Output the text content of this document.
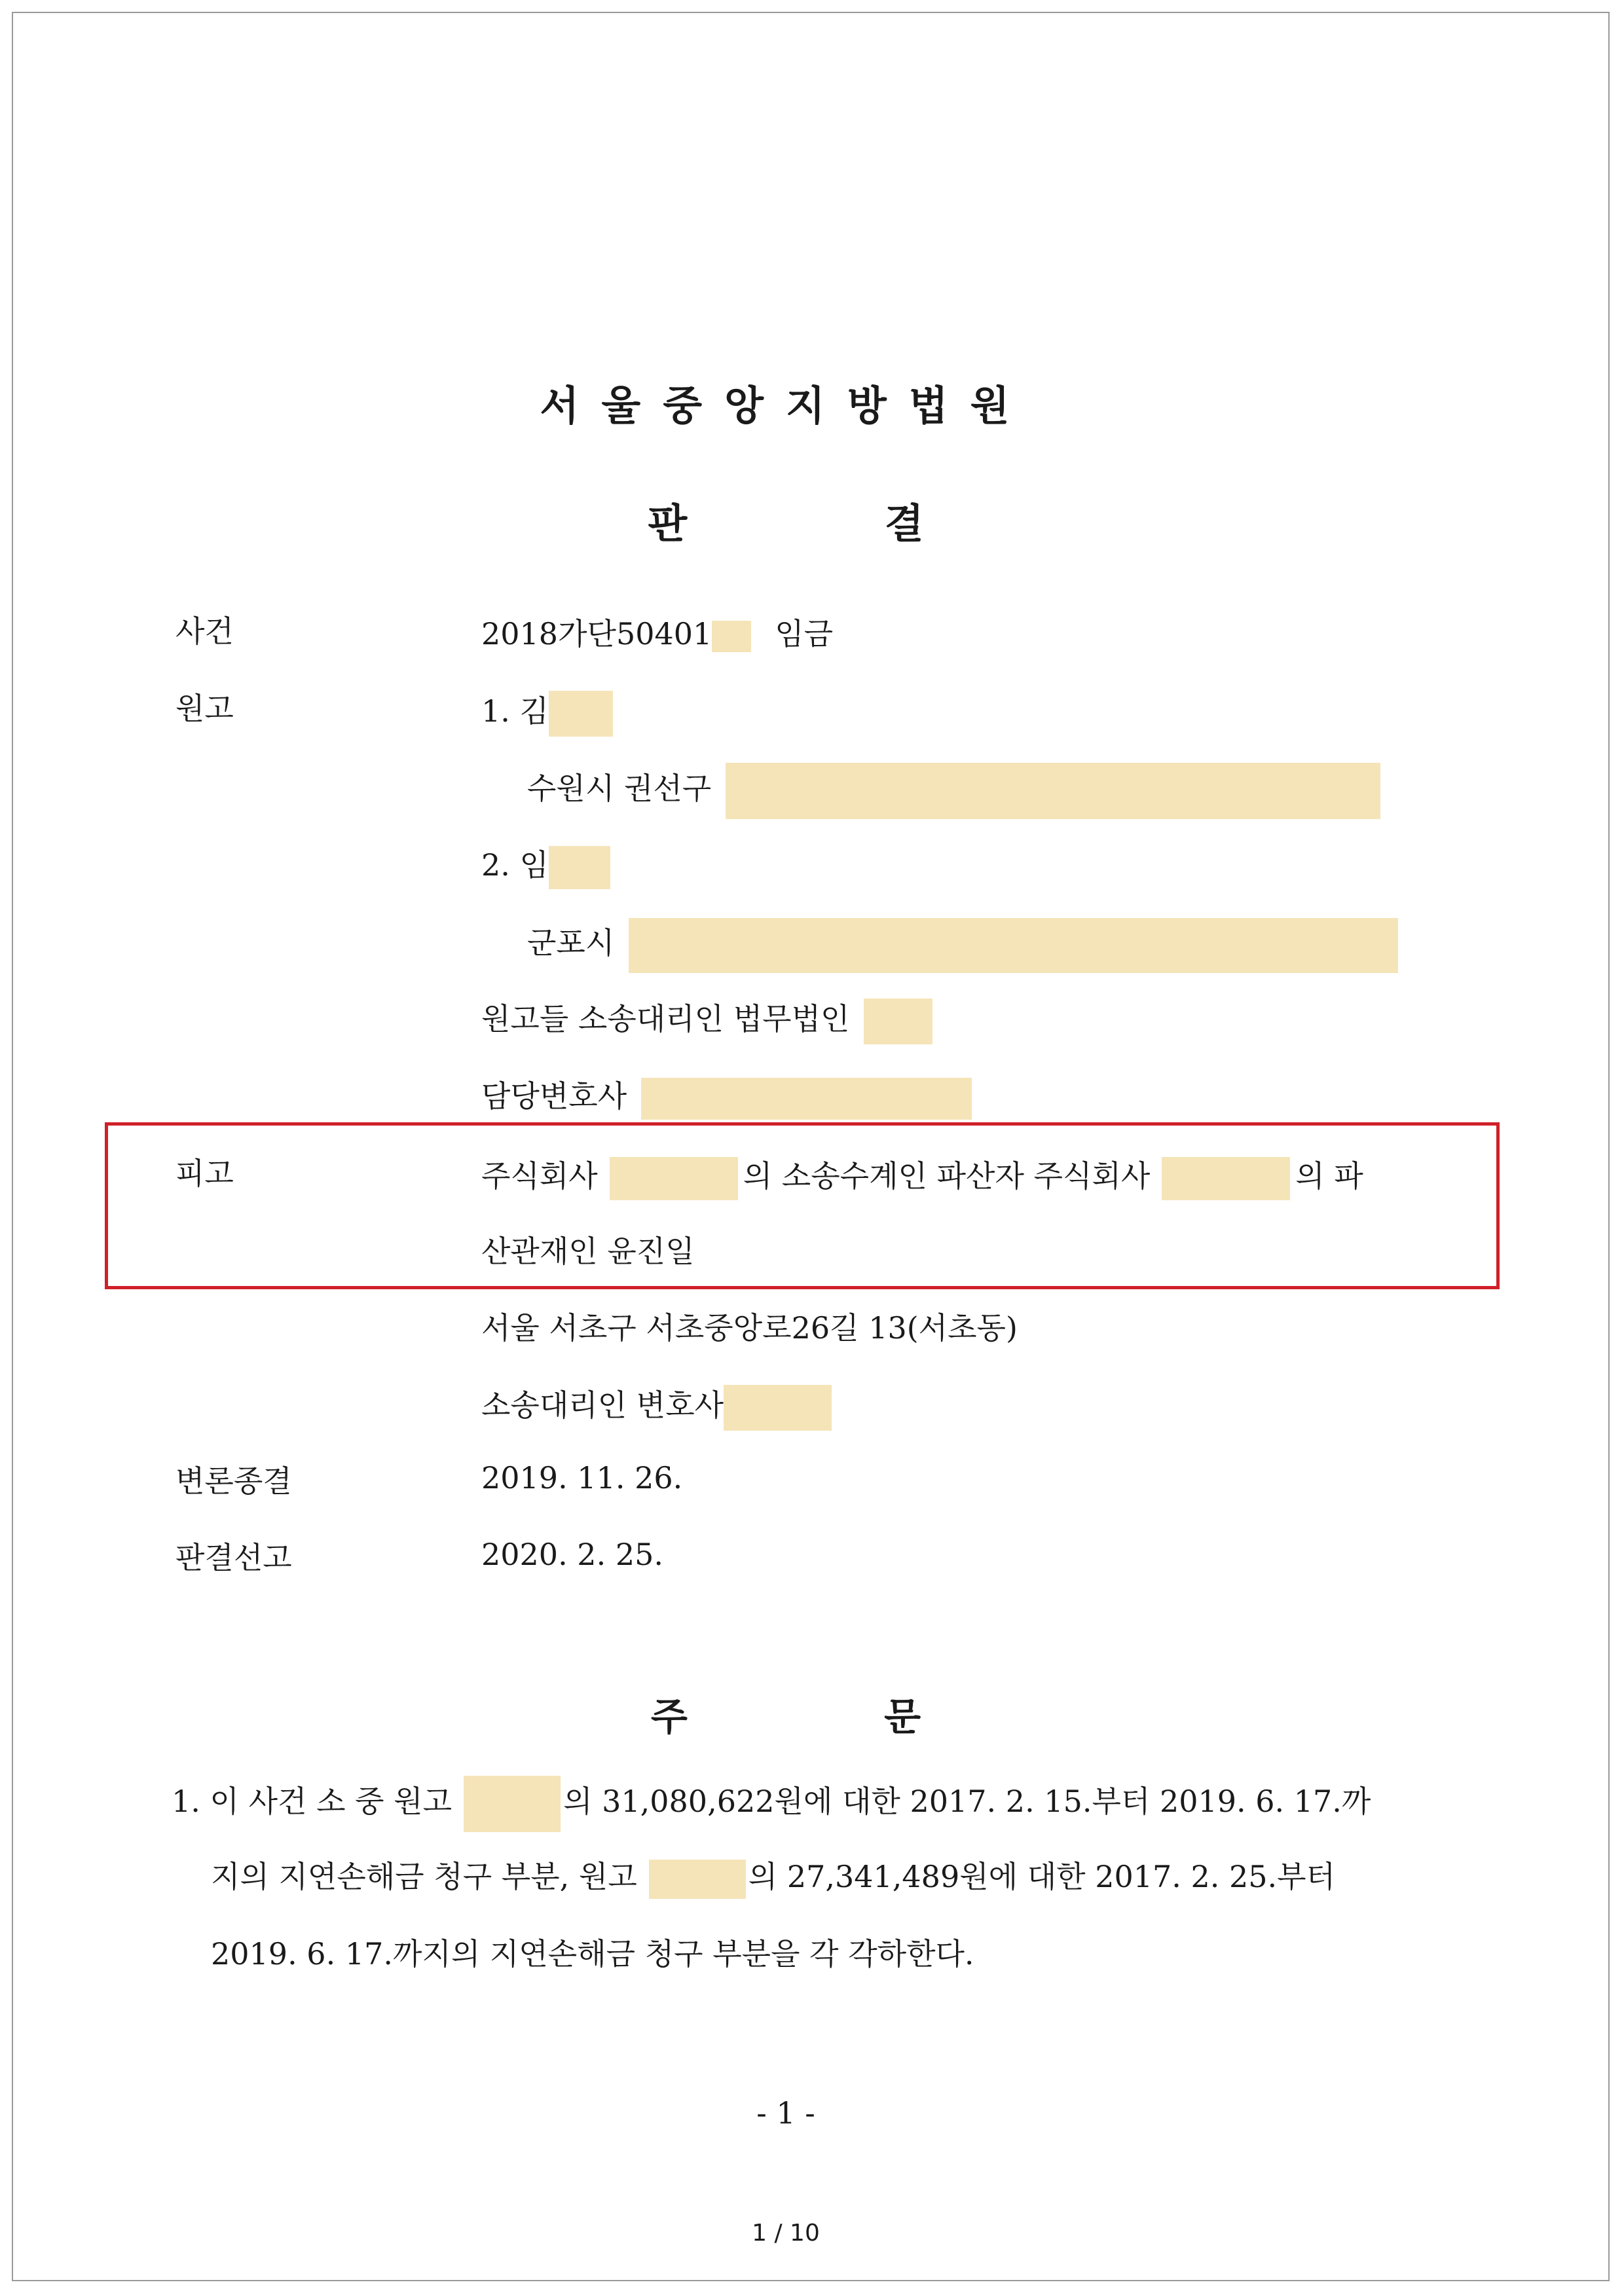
서울중앙지방법원
판 결
사건	2018가단50401 임금
원고	1. 김
수원시 권선구
2. 임
군포시
원고들 소송대리인 법무법인
담당변호사
피고	주식회사	의 소송수계인 파산자 주식회사	의 파
산관재인 윤진일
서울 서초구 서초중앙로26길 13(서초동)
소송대리인 변호사
변론종결	2019. 11. 26.
판결선고	2020. 2. 25.
주 문
1. 이 사건 소 중 원고	의 31,080,622원에 대한 2017. 2. 15.부터 2019. 6. 17.까
지의 지연손해금 청구 부분, 원고	의 27,341,489원에 대한 2017. 2. 25.부터
2019. 6. 17.까지의 지연손해금 청구 부분을 각 각하한다.
- 1 -
1 / 10
